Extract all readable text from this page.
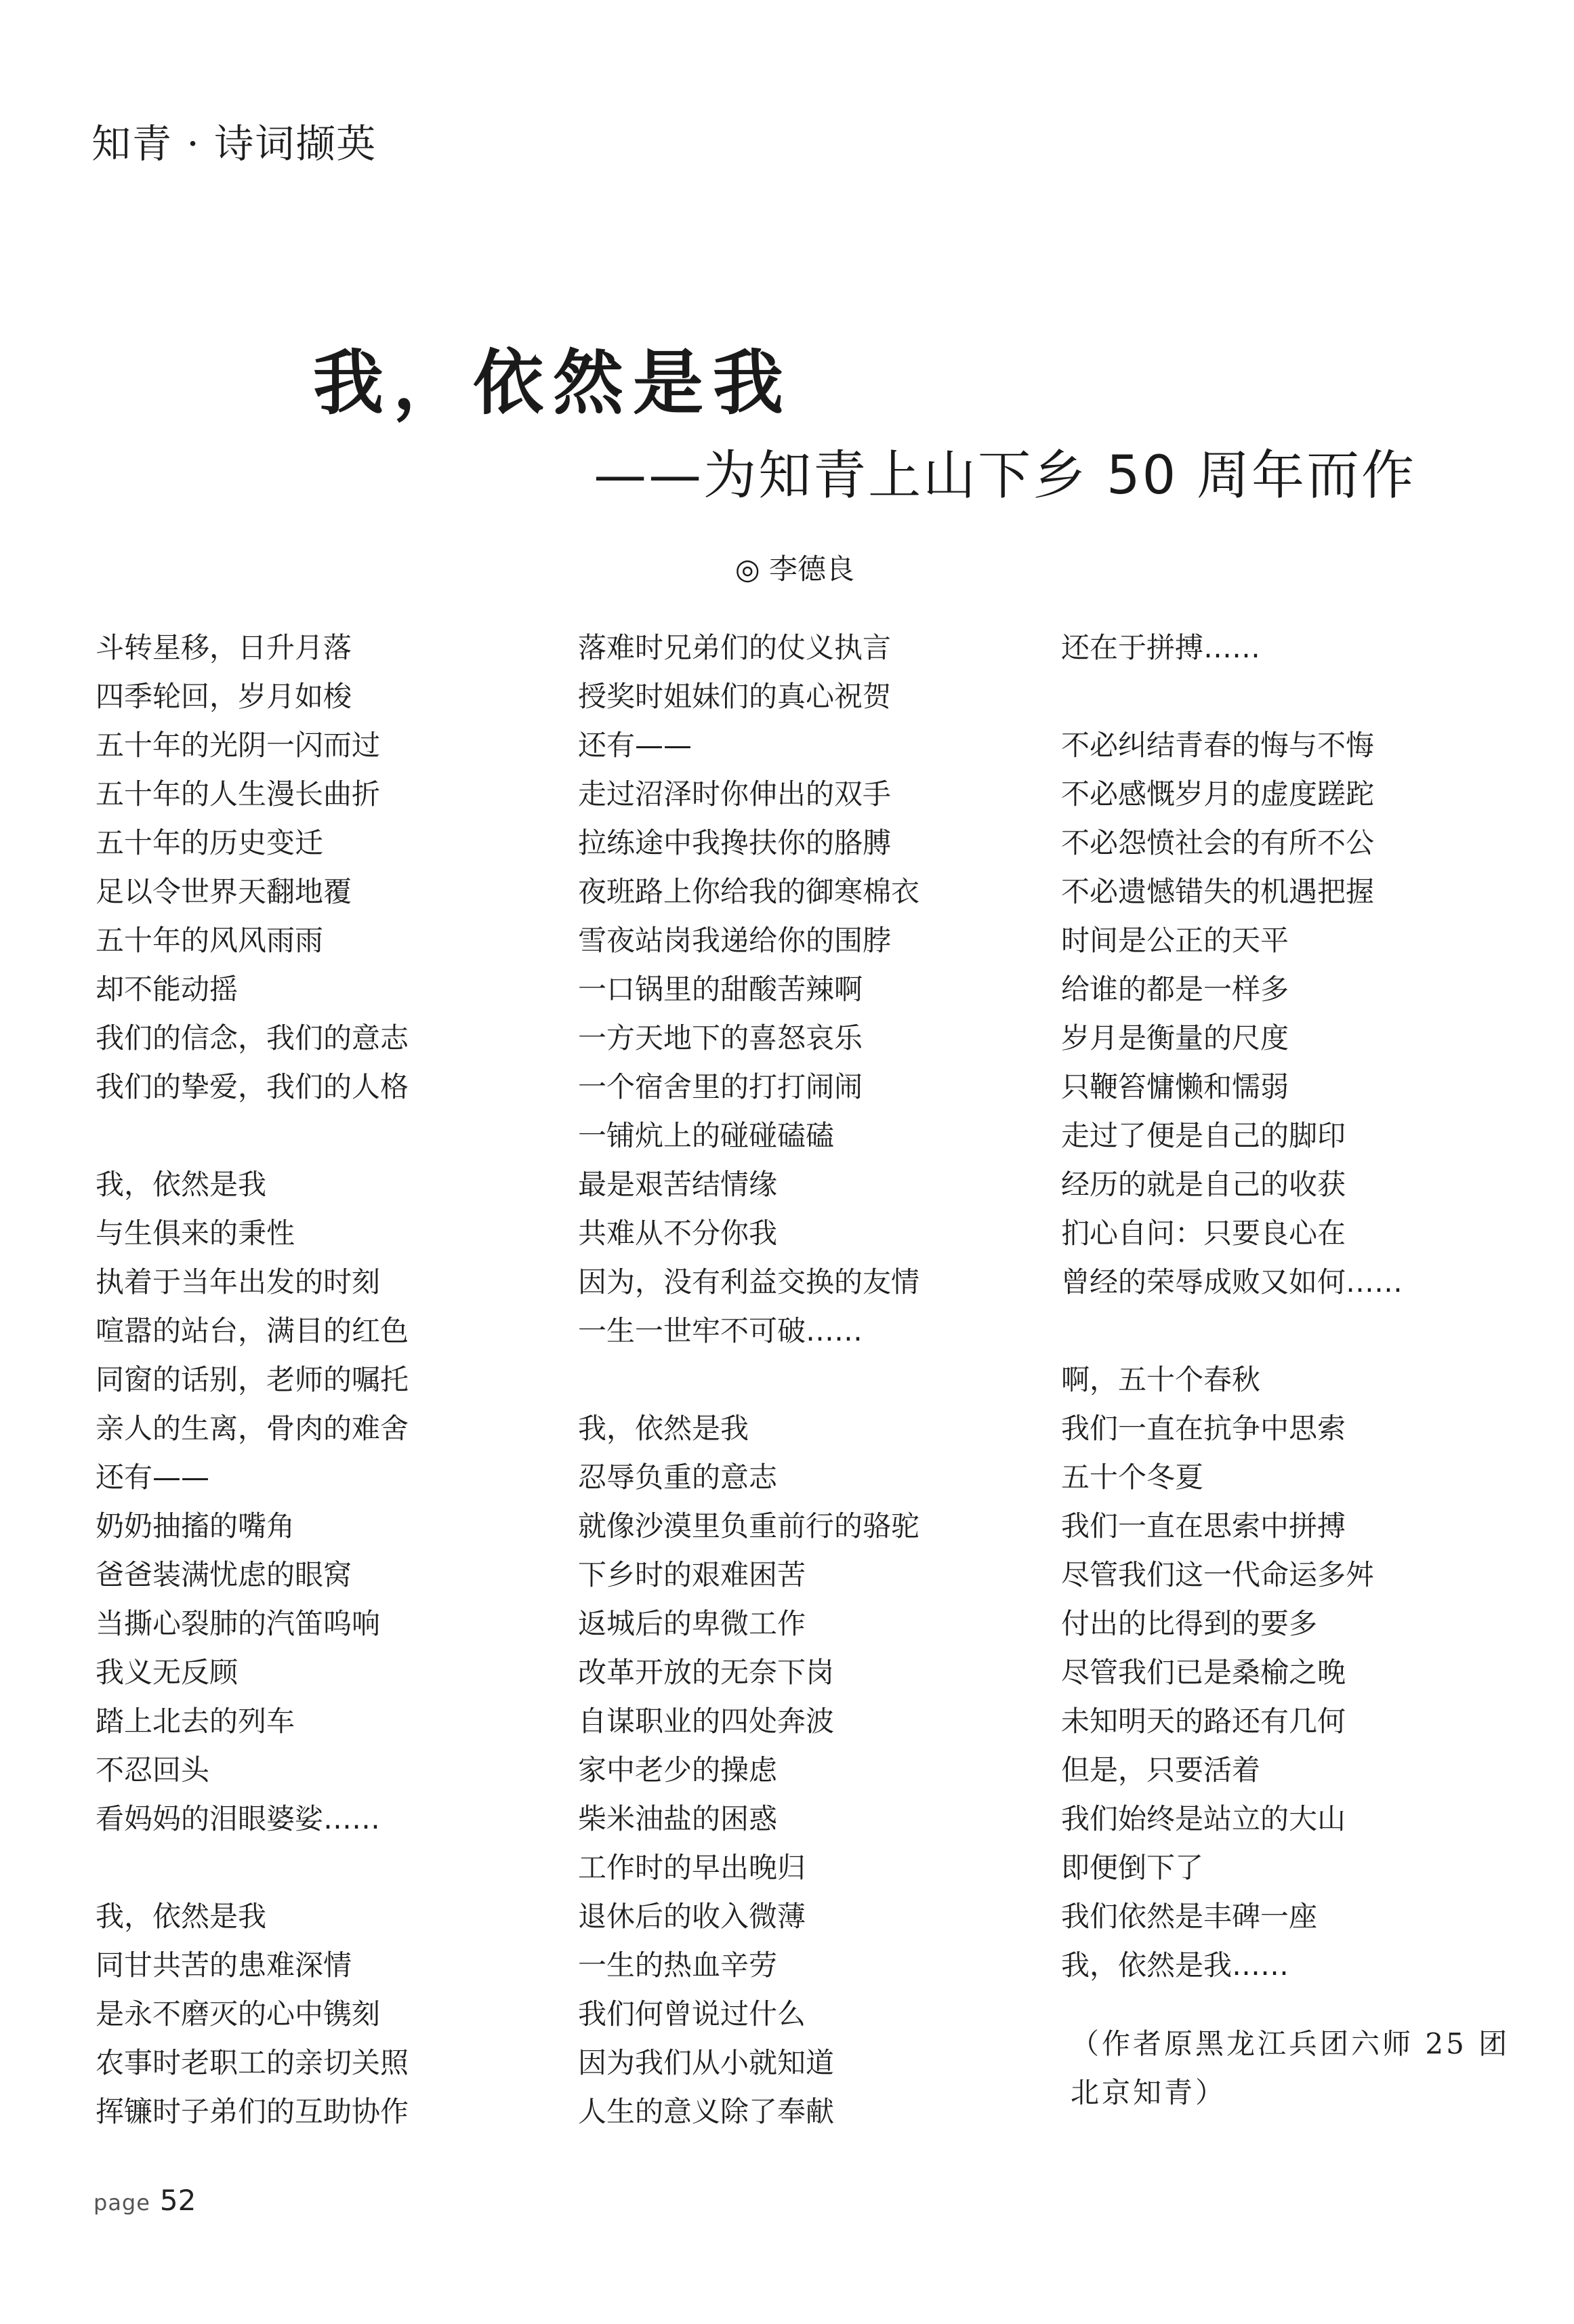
知青 · 诗词撷英
我，依然是我
——为知青上山下乡 50 周年而作
◎ 李德良
斗转星移，日升月落
四季轮回，岁月如梭
五十年的光阴一闪而过
五十年的人生漫长曲折
五十年的历史变迁
足以令世界天翻地覆
五十年的风风雨雨
却不能动摇
我们的信念，我们的意志
我们的挚爱，我们的人格
我，依然是我
与生俱来的秉性
执着于当年出发的时刻
喧嚣的站台，满目的红色
同窗的话别，老师的嘱托
亲人的生离，骨肉的难舍
还有——
奶奶抽搐的嘴角
爸爸装满忧虑的眼窝
当撕心裂肺的汽笛呜响
我义无反顾
踏上北去的列车
不忍回头
看妈妈的泪眼婆娑……
我，依然是我
同甘共苦的患难深情
是永不磨灭的心中镌刻
农事时老职工的亲切关照
挥镰时子弟们的互助协作
落难时兄弟们的仗义执言
授奖时姐妹们的真心祝贺
还有——
走过沼泽时你伸出的双手
拉练途中我搀扶你的胳膊
夜班路上你给我的御寒棉衣
雪夜站岗我递给你的围脖
一口锅里的甜酸苦辣啊
一方天地下的喜怒哀乐
一个宿舍里的打打闹闹
一铺炕上的碰碰磕磕
最是艰苦结情缘
共难从不分你我
因为，没有利益交换的友情
一生一世牢不可破……
我，依然是我
忍辱负重的意志
就像沙漠里负重前行的骆驼
下乡时的艰难困苦
返城后的卑微工作
改革开放的无奈下岗
自谋职业的四处奔波
家中老少的操虑
柴米油盐的困惑
工作时的早出晚归
退休后的收入微薄
一生的热血辛劳
我们何曾说过什么
因为我们从小就知道
人生的意义除了奉献
还在于拼搏……
不必纠结青春的悔与不悔
不必感慨岁月的虚度蹉跎
不必怨愤社会的有所不公
不必遗憾错失的机遇把握
时间是公正的天平
给谁的都是一样多
岁月是衡量的尺度
只鞭笞慵懒和懦弱
走过了便是自己的脚印
经历的就是自己的收获
扪心自问：只要良心在
曾经的荣辱成败又如何……
啊，五十个春秋
我们一直在抗争中思索
五十个冬夏
我们一直在思索中拼搏
尽管我们这一代命运多舛
付出的比得到的要多
尽管我们已是桑榆之晚
未知明天的路还有几何
但是，只要活着
我们始终是站立的大山
即便倒下了
我们依然是丰碑一座
我，依然是我……
（作者原黑龙江兵团六师 25 团
北京知青）
page 52
